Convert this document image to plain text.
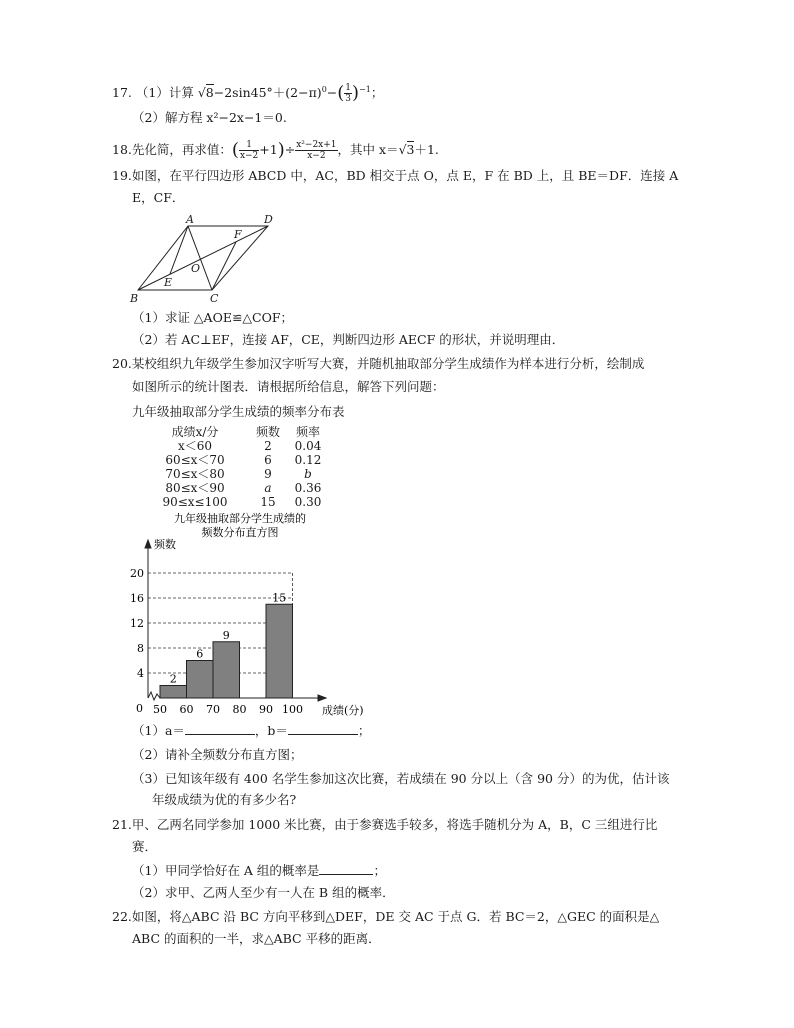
17. （1）计算 $√8-2\sin 45^\circ+(2-\pi)^0-( \frac{1}{3} )^{-1}$；
（2）解方程 x²−2x−1＝0.
18.先化简，再求值：( $\frac{1}{x-2} +1)\div \frac{\text{x²−2x+1}}{x-2}$ ，其中 x＝√3＋1.
19.如图，在平行四边形 ABCD 中，AC，BD 相交于点 O，点 E，F 在 BD 上，且 BE＝DF．连接 A
E，CF．
A	D
F
E
O
B	C
（1）求证 △AOE≌△COF；
（2）若 AC⊥EF，连接 AF，CE，判断四边形 AECF 的形状，并说明理由．
20.某校组织九年级学生参加汉字听写大赛，并随机抽取部分学生成绩作为样本进行分析，绘制成
如图所示的统计图表．请根据所给信息，解答下列问题：
九年级抽取部分学生成绩的频率分布表
成绩x/分	频数	频率
x＜60	2	0.04
60≤x＜70	6	0.12
70≤x＜80	9	b
80≤x＜90	a	0.36
90≤x≤100	15	0.30
九年级抽取部分学生成绩的
频数分布直方图
频数
成绩(分)
0
2
6
9
15
4
8
12
16
20
50 60 70 80 90 100
（1）a＝	，b＝	；
（2）请补全频数分布直方图；
（3）已知该年级有 400 名学生参加这次比赛，若成绩在 90 分以上（含 90 分）的为优，估计该
年级成绩为优的有多少名?
21.甲、乙两名同学参加 1000 米比赛，由于参赛选手较多，将选手随机分为 A，B，C 三组进行比
赛．
（1）甲同学恰好在 A 组的概率是	；
（2）求甲、乙两人至少有一人在 B 组的概率．
22.如图，将△ABC 沿 BC 方向平移到△DEF，DE 交 AC 于点 G．若 BC＝2，△GEC 的面积是△
ABC 的面积的一半，求△ABC 平移的距离．
